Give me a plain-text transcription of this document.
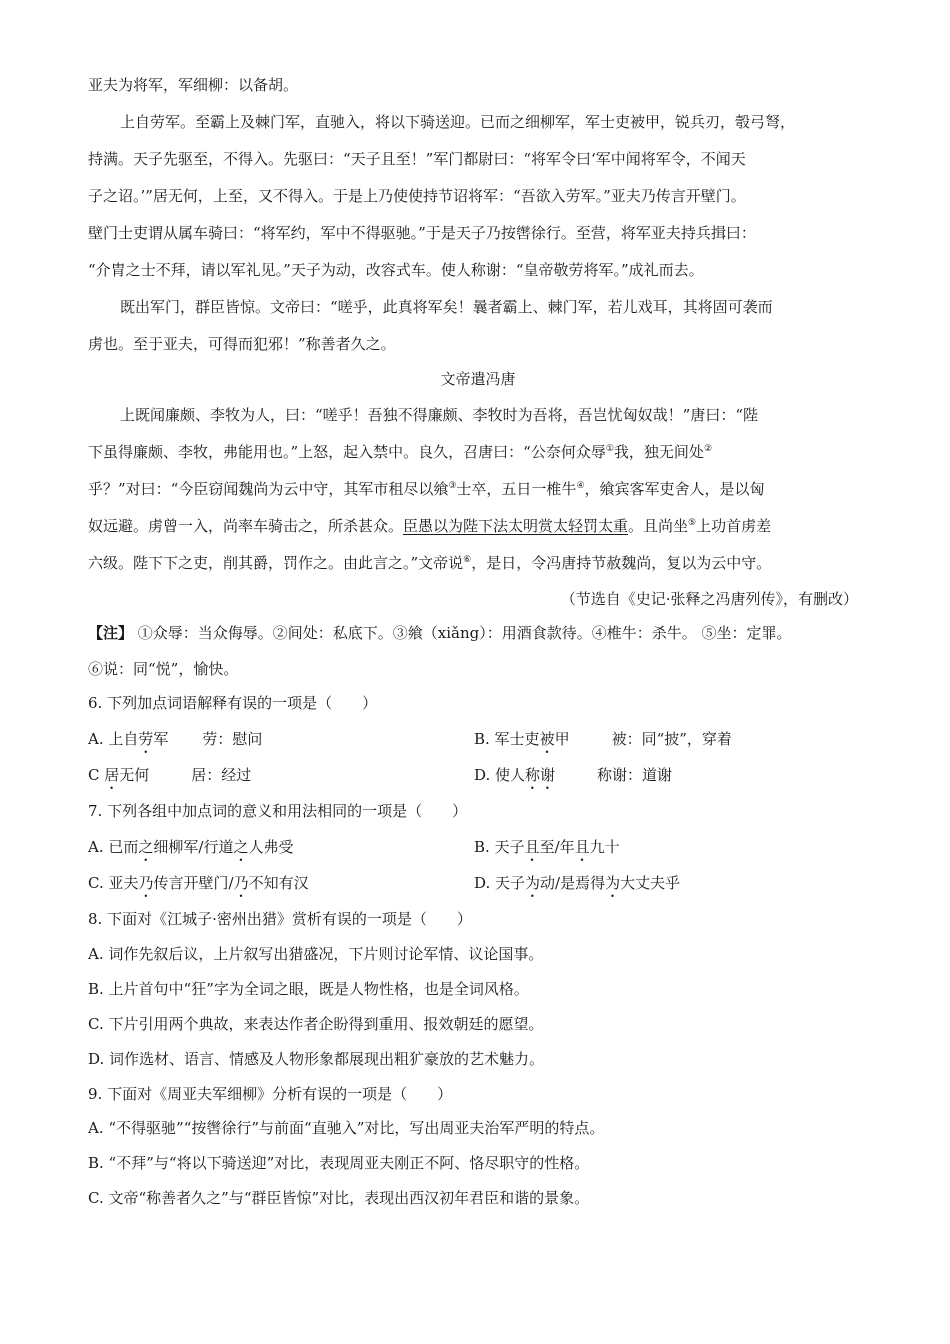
亚夫为将军，军细柳：以备胡。
上自劳军。至霸上及棘门军，直驰入，将以下骑送迎。已而之细柳军，军士吏被甲，锐兵刃，彀弓弩，
持满。天子先驱至，不得入。先驱曰：“天子且至！”军门都尉曰：“将军令曰‘军中闻将军令，不闻天
子之诏。’”居无何，上至，又不得入。于是上乃使使持节诏将军：“吾欲入劳军。”亚夫乃传言开壁门。
壁门士吏谓从属车骑曰：“将军约，军中不得驱驰。”于是天子乃按辔徐行。至营，将军亚夫持兵揖曰：
“介胄之士不拜，请以军礼见。”天子为动，改容式车。使人称谢：“皇帝敬劳将军。”成礼而去。
既出军门，群臣皆惊。文帝曰：“嗟乎，此真将军矣！曩者霸上、棘门军，若儿戏耳，其将固可袭而
虏也。至于亚夫，可得而犯邪！”称善者久之。
文帝遣冯唐
上既闻廉颇、李牧为人，曰：“嗟乎！吾独不得廉颇、李牧时为吾将，吾岂忧匈奴哉！”唐曰：“陛
下虽得廉颇、李牧，弗能用也。”上怒，起入禁中。良久，召唐曰：“公奈何众辱①我，独无间处②
乎？”对曰：“今臣窃闻魏尚为云中守，其军市租尽以飨③士卒，五日一椎牛④，飨宾客军吏舍人，是以匈
奴远避。虏曾一入，尚率车骑击之，所杀甚众。臣愚以为陛下法太明赏太轻罚太重。且尚坐⑤上功首虏差
六级。陛下下之吏，削其爵，罚作之。由此言之。”文帝说⑥，是日，令冯唐持节赦魏尚，复以为云中守。
（节选自《史记·张释之冯唐列传》，有删改）
【注】 ①众辱：当众侮辱。②间处：私底下。③飨（xiǎng）：用酒食款待。④椎牛：杀牛。 ⑤坐：定罪。
⑥说：同“悦”，愉快。
6. 下列加点词语解释有误的一项是（　　）
A. 上自劳军 劳：慰问	B. 军士吏被甲	被：同“披”，穿着
C 居无何	居：经过	D. 使人称谢	称谢：道谢
7. 下列各组中加点词的意义和用法相同的一项是（　　）
A. 已而之细柳军/行道之人弗受	B. 天子且至/年且九十
C. 亚夫乃传言开壁门/乃不知有汉	D. 天子为动/是焉得为大丈夫乎
8. 下面对《江城子·密州出猎》赏析有误的一项是（　　）
A. 词作先叙后议，上片叙写出猎盛况，下片则讨论军情、议论国事。
B. 上片首句中“狂”字为全词之眼，既是人物性格，也是全词风格。
C. 下片引用两个典故，来表达作者企盼得到重用、报效朝廷的愿望。
D. 词作选材、语言、情感及人物形象都展现出粗犷豪放的艺术魅力。
9. 下面对《周亚夫军细柳》分析有误的一项是（　　）
A. “不得驱驰”“按辔徐行”与前面“直驰入”对比，写出周亚夫治军严明的特点。
B. “不拜”与“将以下骑送迎”对比，表现周亚夫刚正不阿、恪尽职守的性格。
C. 文帝“称善者久之”与“群臣皆惊”对比，表现出西汉初年君臣和谐的景象。
